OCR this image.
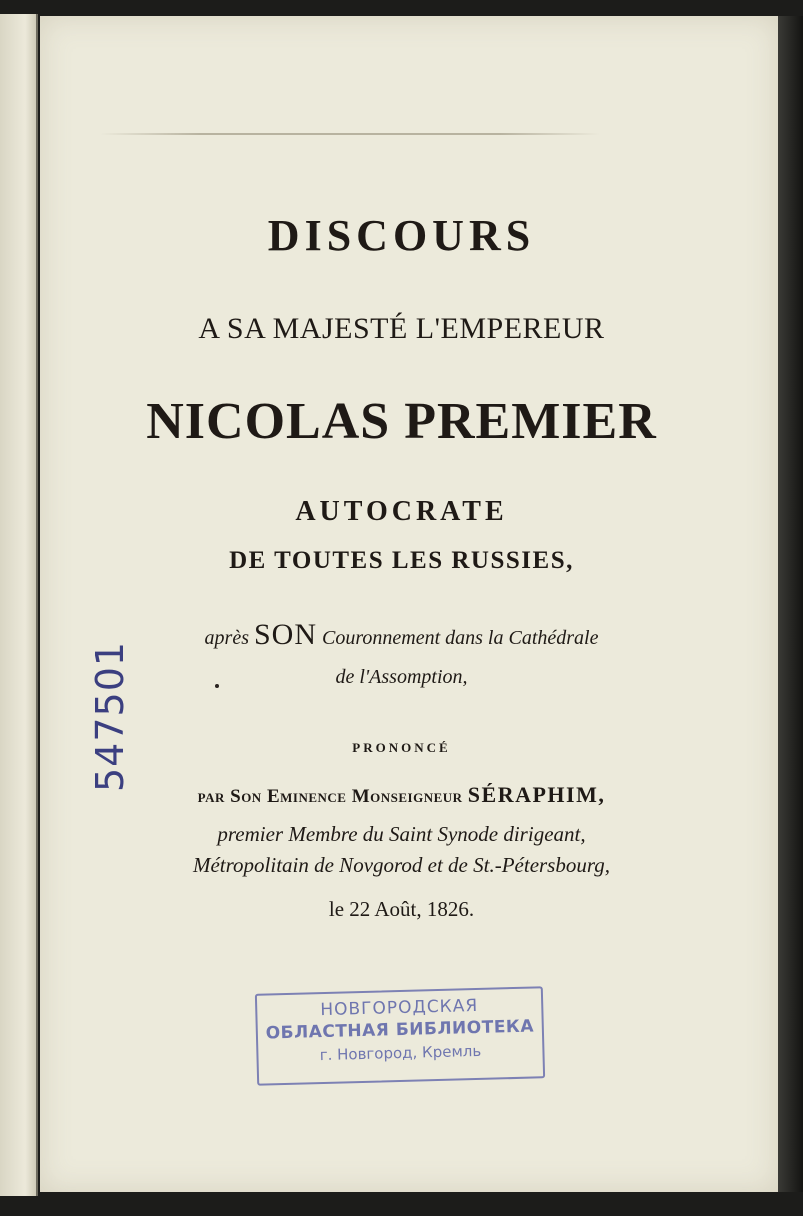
DISCOURS
A SA MAJESTÉ L'EMPEREUR
NICOLAS PREMIER
AUTOCRATE
DE TOUTES LES RUSSIES,
après SON Couronnement dans la Cathédrale
de l'Assomption,
PRONONCÉ
par Son Eminence Monseigneur SÉRAPHIM,
premier Membre du Saint Synode dirigeant,
Métropolitain de Novgorod et de St.-Pétersbourg,
le 22 Août, 1826.
547501
НОВГОРОДСКАЯ
ОБЛАСТНАЯ БИБЛИОТЕКА
г. Новгород, Кремль
